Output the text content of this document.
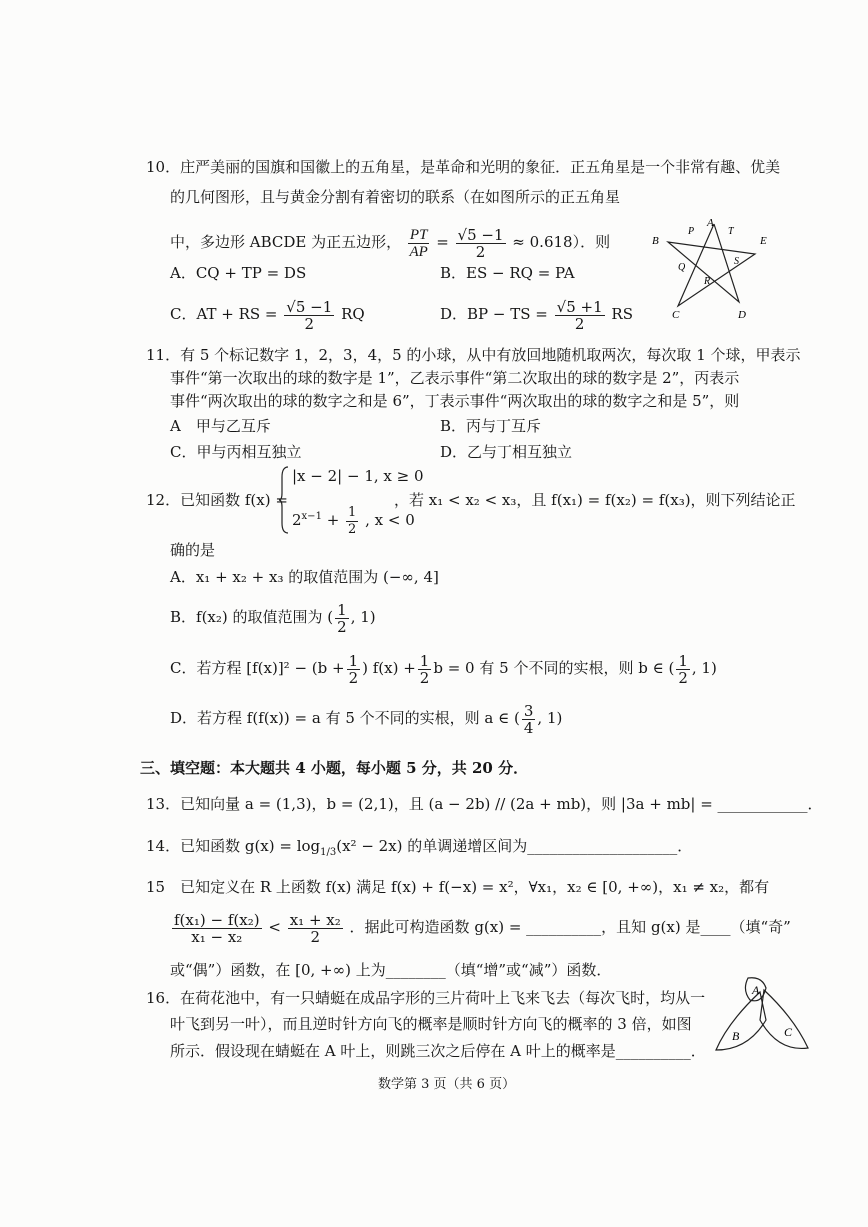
10．庄严美丽的国旗和国徽上的五角星，是革命和光明的象征．正五角星是一个非常有趣、优美
的几何图形，且与黄金分割有着密切的联系（在如图所示的正五角星
中，多边形 ABCDE 为正五边形， $\frac{PT}{AP} = \frac{√5 -1}{2} \approx 0.618$）．则
A．CQ + TP = DS	B．ES − RQ = PA
C．AT + RS = $\frac{√5 -1}{2}$ RQ	D．BP − TS = $\frac{√5 +1}{2}$ RS
A
B
P	T
E
Q
S
R
C	D
11．有 5 个标记数字 1，2，3，4，5 的小球，从中有放回地随机取两次，每次取 1 个球，甲表示
事件“第一次取出的球的数字是 1”，乙表示事件“第二次取出的球的数字是 2”，丙表示
事件“两次取出的球的数字之和是 6”，丁表示事件“两次取出的球的数字之和是 5”，则
A　甲与乙互斥	B．丙与丁互斥
C．甲与丙相互独立	D．乙与丁相互独立
12．已知函数 f(x) =
|x − 2| − 1, x ≥ 0
$2^{x-1} + \frac{1}{2}$ , x < 0
，若 x₁ < x₂ < x₃，且 f(x₁) = f(x₂) = f(x₃)，则下列结论正
确的是
A．x₁ + x₂ + x₃ 的取值范围为 (−∞, 4]
B．f(x₂) 的取值范围为 ( $\frac{1}{2}$ , 1)
C．若方程 $[f(x)]^2 - (b + \frac{1}{2}$ ) $f(x) + \frac{1}{2}$ b = 0 有 5 个不同的实根，则 b ∈ ( $\frac{1}{2}$ , 1)
D．若方程 f(f(x)) = a 有 5 个不同的实根，则 a ∈ ( $\frac{3}{4}$ , 1)
三、填空题：本大题共 4 小题，每小题 5 分，共 20 分．
13．已知向量 a = (1,3)，b = (2,1)，且 (a − 2b) // (2a + mb)，则 |3a + mb| = ____________．
14．已知函数 $g(x) = \log_{1/3}(x^2 - 2x)$ 的单调递增区间为____________________．
15　已知定义在 R 上函数 f(x) 满足 f(x) + f(−x) = x²，∀x₁，x₂ ∈ [0, +∞)，x₁ ≠ x₂，都有
$\frac{\text{f(x₁) − f(x₂)}}{\text{x₁ − x₂}} < \frac{\text{x₁ + x₂}}{2}$ ．据此可构造函数 g(x) = __________，且知 g(x) 是____（填“奇”
或“偶”）函数，在 [0, +∞) 上为________（填“增”或“减”）函数．
16．在荷花池中，有一只蜻蜓在成品字形的三片荷叶上飞来飞去（每次飞时，均从一
叶飞到另一叶），而且逆时针方向飞的概率是顺时针方向飞的概率的 3 倍，如图
所示．假设现在蜻蜓在 A 叶上，则跳三次之后停在 A 叶上的概率是__________．
A
B	C
数学第 3 页（共 6 页）
